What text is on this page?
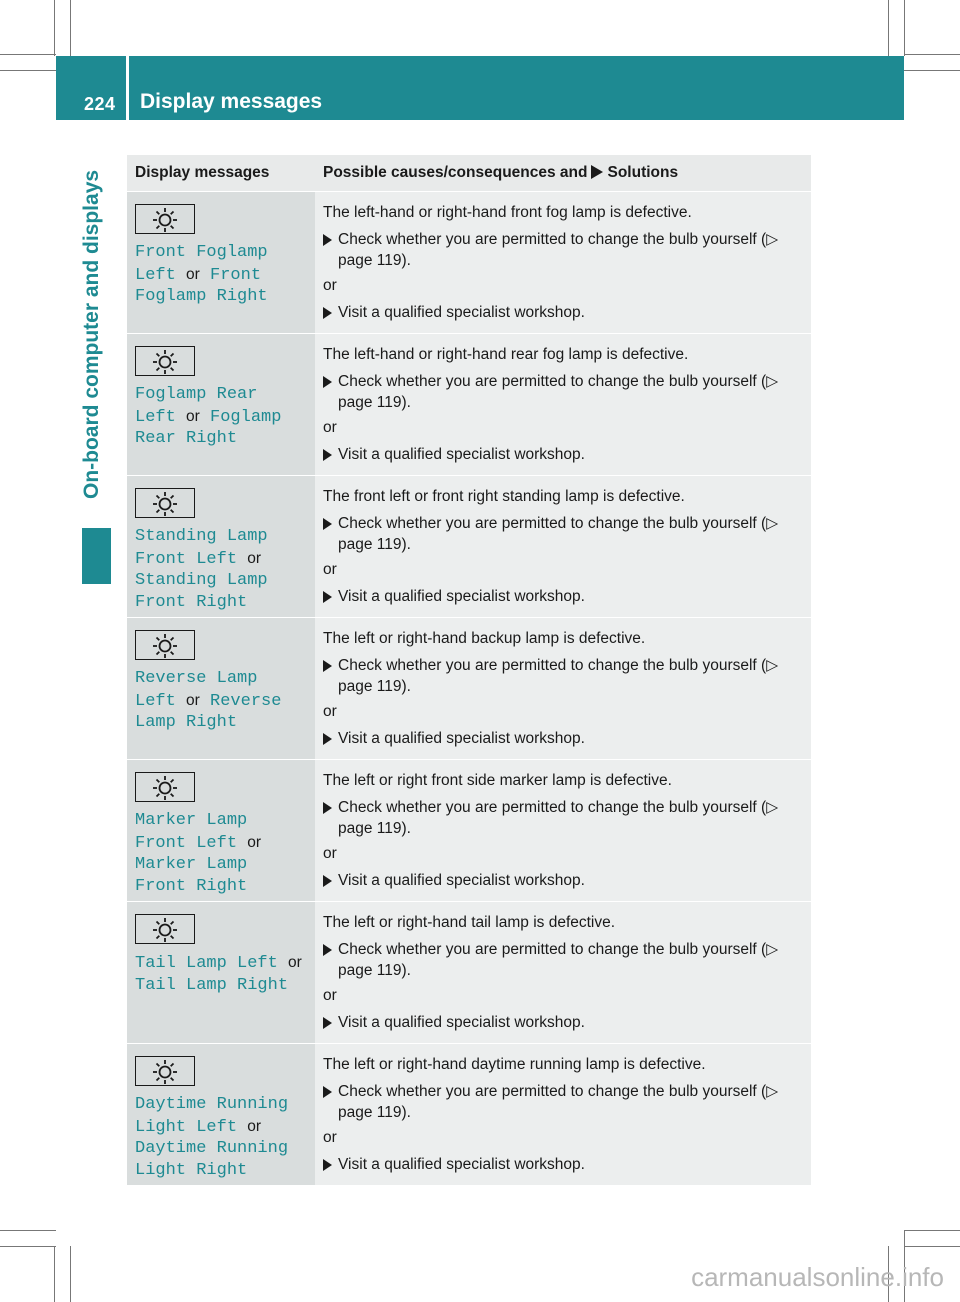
224 Display messages
On-board computer and displays	Display messages	Possible causes/consequences and Solutions
Front Foglamp Left or Front Foglamp Right
The left-hand or right-hand front fog lamp is defective.
Check whether you are permitted to change the bulb yourself (▷ page 119).
or
Visit a qualified specialist workshop.
Foglamp Rear Left or Foglamp Rear Right
The left-hand or right-hand rear fog lamp is defective.
Check whether you are permitted to change the bulb yourself (▷ page 119).
or
Visit a qualified specialist workshop.
Standing Lamp Front Left or Standing Lamp Front Right
The front left or front right standing lamp is defective.
Check whether you are permitted to change the bulb yourself (▷ page 119).
or
Visit a qualified specialist workshop.
Reverse Lamp Left or Reverse Lamp Right
The left or right-hand backup lamp is defective.
Check whether you are permitted to change the bulb yourself (▷ page 119).
or
Visit a qualified specialist workshop.
Marker Lamp Front Left or Marker Lamp Front Right
The left or right front side marker lamp is defective.
Check whether you are permitted to change the bulb yourself (▷ page 119).
or
Visit a qualified specialist workshop.
Tail Lamp Left or Tail Lamp Right
The left or right-hand tail lamp is defective.
Check whether you are permitted to change the bulb yourself (▷ page 119).
or
Visit a qualified specialist workshop.
Daytime Running Light Left or Daytime Running Light Right
The left or right-hand daytime running lamp is defective.
Check whether you are permitted to change the bulb yourself (▷ page 119).
or
Visit a qualified specialist workshop.
carmanualsonline.info
